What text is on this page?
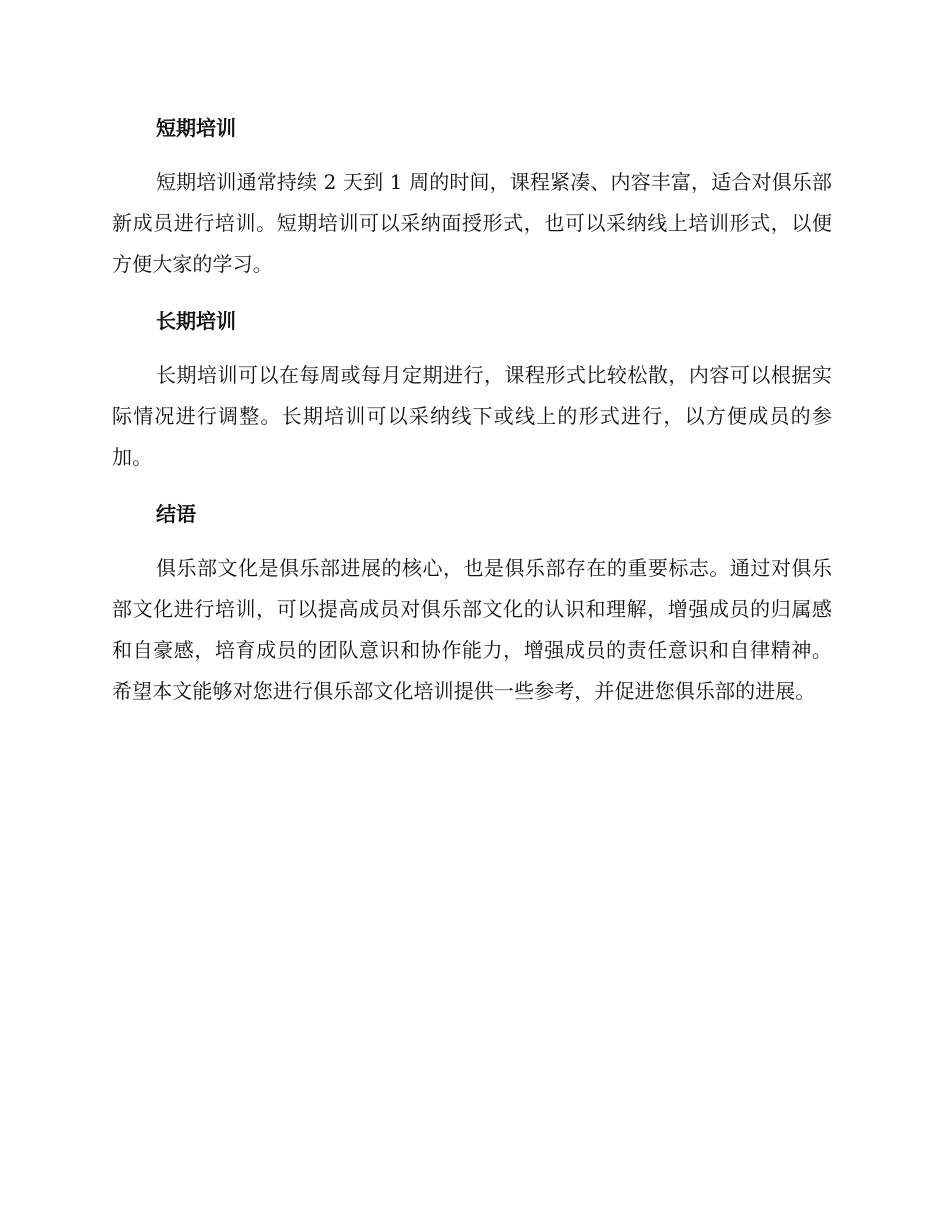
短期培训

短期培训通常持续 2 天到 1 周的时间，课程紧凑、内容丰富，适合对俱乐部新成员进行培训。短期培训可以采纳面授形式，也可以采纳线上培训形式，以便方便大家的学习。

长期培训

长期培训可以在每周或每月定期进行，课程形式比较松散，内容可以根据实际情况进行调整。长期培训可以采纳线下或线上的形式进行，以方便成员的参加。

结语

俱乐部文化是俱乐部进展的核心，也是俱乐部存在的重要标志。通过对俱乐部文化进行培训，可以提高成员对俱乐部文化的认识和理解，增强成员的归属感和自豪感，培育成员的团队意识和协作能力，增强成员的责任意识和自律精神。希望本文能够对您进行俱乐部文化培训提供一些参考，并促进您俱乐部的进展。
